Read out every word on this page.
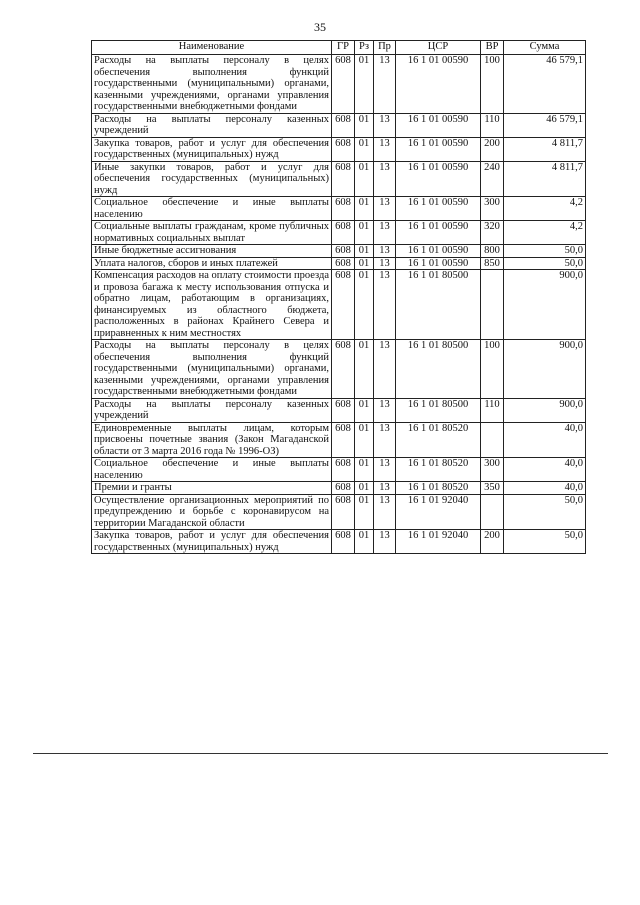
35
Наименование	ГР	Рз	Пр	ЦСР	ВР	Сумма
Расходы на выплаты персоналу в целях обеспечения выполнения функций государственными (муниципальными) органами, казенными учреждениями, органами управления государственными внебюджетными фондами	608	01	13	16 1 01 00590	100	46 579,1
Расходы на выплаты персоналу казенных учреждений	608	01	13	16 1 01 00590	110	46 579,1
Закупка товаров, работ и услуг для обеспечения государственных (муниципальных) нужд	608	01	13	16 1 01 00590	200	4 811,7
Иные закупки товаров, работ и услуг для обеспечения государственных (муниципальных) нужд	608	01	13	16 1 01 00590	240	4 811,7
Социальное обеспечение и иные выплаты населению	608	01	13	16 1 01 00590	300	4,2
Социальные выплаты гражданам, кроме публичных нормативных социальных выплат	608	01	13	16 1 01 00590	320	4,2
Иные бюджетные ассигнования	608	01	13	16 1 01 00590	800	50,0
Уплата налогов, сборов и иных платежей	608	01	13	16 1 01 00590	850	50,0
Компенсация расходов на оплату стоимости проезда и провоза багажа к месту использования отпуска и обратно лицам, работающим в организациях, финансируемых из областного бюджета, расположенных в районах Крайнего Севера и приравненных к ним местностях	608	01	13	16 1 01 80500		900,0
Расходы на выплаты персоналу в целях обеспечения выполнения функций государственными (муниципальными) органами, казенными учреждениями, органами управления государственными внебюджетными фондами	608	01	13	16 1 01 80500	100	900,0
Расходы на выплаты персоналу казенных учреждений	608	01	13	16 1 01 80500	110	900,0
Единовременные выплаты лицам, которым присвоены почетные звания (Закон Магаданской области от 3 марта 2016 года № 1996-ОЗ)	608	01	13	16 1 01 80520		40,0
Социальное обеспечение и иные выплаты населению	608	01	13	16 1 01 80520	300	40,0
Премии и гранты	608	01	13	16 1 01 80520	350	40,0
Осуществление организационных мероприятий по предупреждению и борьбе с коронавирусом на территории Магаданской области	608	01	13	16 1 01 92040		50,0
Закупка товаров, работ и услуг для обеспечения государственных (муниципальных) нужд	608	01	13	16 1 01 92040	200	50,0
